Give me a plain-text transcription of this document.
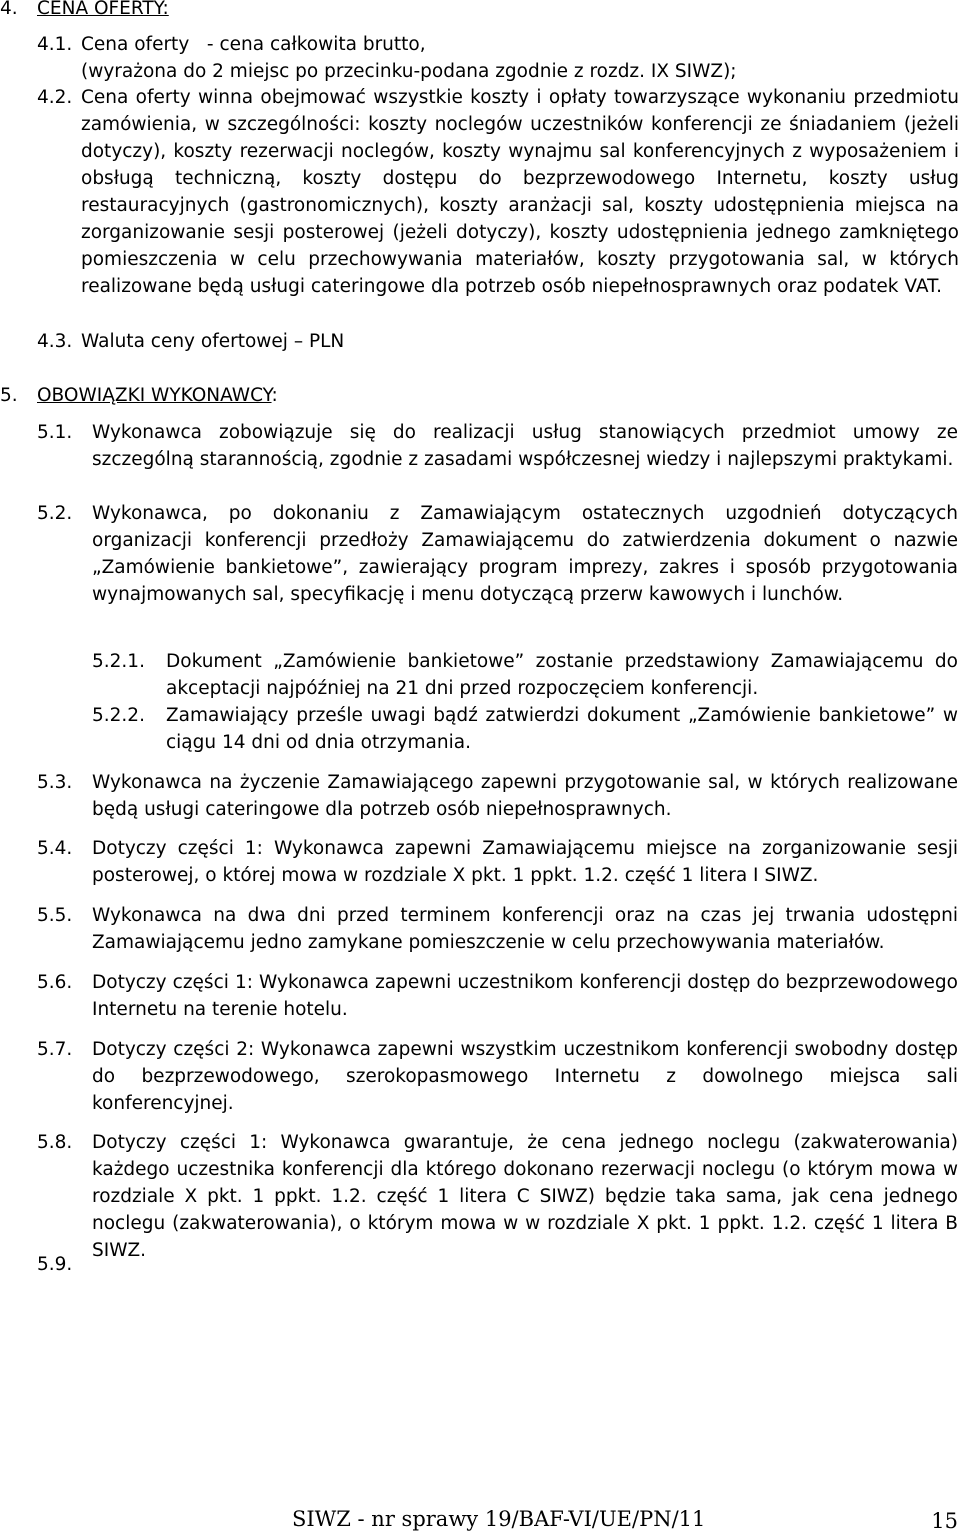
4. CENA OFERTY:
4.1. Cena oferty   - cena całkowita brutto,
(wyrażona do 2 miejsc po przecinku-podana zgodnie z rozdz. IX SIWZ);
4.2. Cena oferty winna obejmować wszystkie koszty i opłaty towarzyszące wykonaniu przedmiotu zamówienia, w szczególności: koszty noclegów uczestników konferencji ze śniadaniem (jeżeli dotyczy), koszty rezerwacji noclegów, koszty wynajmu sal konferencyjnych z wyposażeniem i obsługą techniczną, koszty dostępu do bezprzewodowego Internetu, koszty usług restauracyjnych (gastronomicznych), koszty aranżacji sal, koszty udostępnienia miejsca na zorganizowanie sesji posterowej (jeżeli dotyczy), koszty udostępnienia jednego zamkniętego pomieszczenia w celu przechowywania materiałów, koszty przygotowania sal, w których realizowane będą usługi cateringowe dla potrzeb osób niepełnosprawnych oraz podatek VAT.
4.3. Waluta ceny ofertowej – PLN
5. OBOWIĄZKI WYKONAWCY:
5.1. Wykonawca zobowiązuje się do realizacji usług stanowiących przedmiot umowy ze szczególną starannością, zgodnie z zasadami współczesnej wiedzy i najlepszymi praktykami.
5.2. Wykonawca, po dokonaniu z Zamawiającym ostatecznych uzgodnień dotyczących organizacji konferencji przedłoży Zamawiającemu do zatwierdzenia dokument o nazwie „Zamówienie bankietowe”, zawierający program imprezy, zakres i sposób przygotowania wynajmowanych sal, specyfikację i menu dotyczącą przerw kawowych i lunchów.
5.2.1. Dokument „Zamówienie bankietowe” zostanie przedstawiony Zamawiającemu do akceptacji najpóźniej na 21 dni przed rozpoczęciem konferencji.
5.2.2. Zamawiający prześle uwagi bądź zatwierdzi dokument „Zamówienie bankietowe” w ciągu 14 dni od dnia otrzymania.
5.3. Wykonawca na życzenie Zamawiającego zapewni przygotowanie sal, w których realizowane będą usługi cateringowe dla potrzeb osób niepełnosprawnych.
5.4. Dotyczy części 1: Wykonawca zapewni Zamawiającemu miejsce na zorganizowanie sesji posterowej, o której mowa w rozdziale X pkt. 1 ppkt. 1.2. część 1 litera I SIWZ.
5.5. Wykonawca na dwa dni przed terminem konferencji oraz na czas jej trwania udostępni Zamawiającemu jedno zamykane pomieszczenie w celu przechowywania materiałów.
5.6. Dotyczy części 1: Wykonawca zapewni uczestnikom konferencji dostęp do bezprzewodowego Internetu na terenie hotelu.
5.7. Dotyczy części 2: Wykonawca zapewni wszystkim uczestnikom konferencji swobodny dostęp do bezprzewodowego, szerokopasmowego Internetu z dowolnego miejsca sali konferencyjnej.
5.8. Dotyczy części 1: Wykonawca gwarantuje, że cena jednego noclegu (zakwaterowania) każdego uczestnika konferencji dla którego dokonano rezerwacji noclegu (o którym mowa w rozdziale X pkt. 1 ppkt. 1.2. część 1 litera C SIWZ) będzie taka sama, jak cena jednego noclegu (zakwaterowania), o którym mowa w w rozdziale X pkt. 1 ppkt. 1.2. część 1 litera B SIWZ.
5.9.
SIWZ - nr sprawy 19/BAF-VI/UE/PN/11	15
